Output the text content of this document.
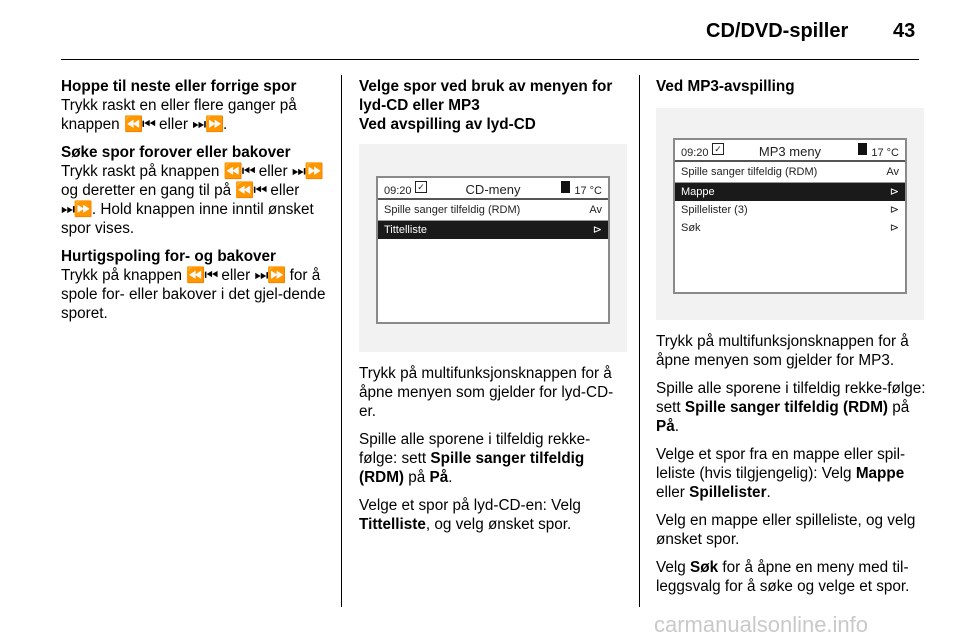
CD/DVD-spiller 43
Hoppe til neste eller forrige spor

Trykk raskt en eller flere ganger på knappen ⏪⏮ eller ⏭⏩.

Søke spor forover eller bakover

Trykk raskt på knappen ⏪⏮ eller ⏭⏩ og deretter en gang til på ⏪⏮ eller ⏭⏩. Hold knappen inne inntil ønsket spor vises.

Hurtigspoling for- og bakover

Trykk på knappen ⏪⏮ eller ⏭⏩ for å spole for- eller bakover i det gjel-dende sporet.

Velge spor ved bruk av menyen for lyd-CD eller MP3
Ved avspilling av lyd-CD
09:20 ✓	CD-meny	17 °C
Spille sanger tilfeldig (RDM)	Av
Tittelliste	⊳

Trykk på multifunksjonsknappen for å åpne menyen som gjelder for lyd-CD-er.

Spille alle sporene i tilfeldig rekke-følge: sett Spille sanger tilfeldig (RDM) på På.

Velge et spor på lyd-CD-en: Velg Tittelliste, og velg ønsket spor.

Ved MP3-avspilling
09:20 ✓	MP3 meny	17 °C
Spille sanger tilfeldig (RDM)	Av
Mappe	⊳
Spillelister (3)	⊳
Søk	⊳

Trykk på multifunksjonsknappen for å åpne menyen som gjelder for MP3.

Spille alle sporene i tilfeldig rekke-følge: sett Spille sanger tilfeldig (RDM) på På.

Velge et spor fra en mappe eller spil-leliste (hvis tilgjengelig): Velg Mappe eller Spillelister.

Velg en mappe eller spilleliste, og velg ønsket spor.

Velg Søk for å åpne en meny med til-leggsvalg for å søke og velge et spor.

carmanualsonline.info
